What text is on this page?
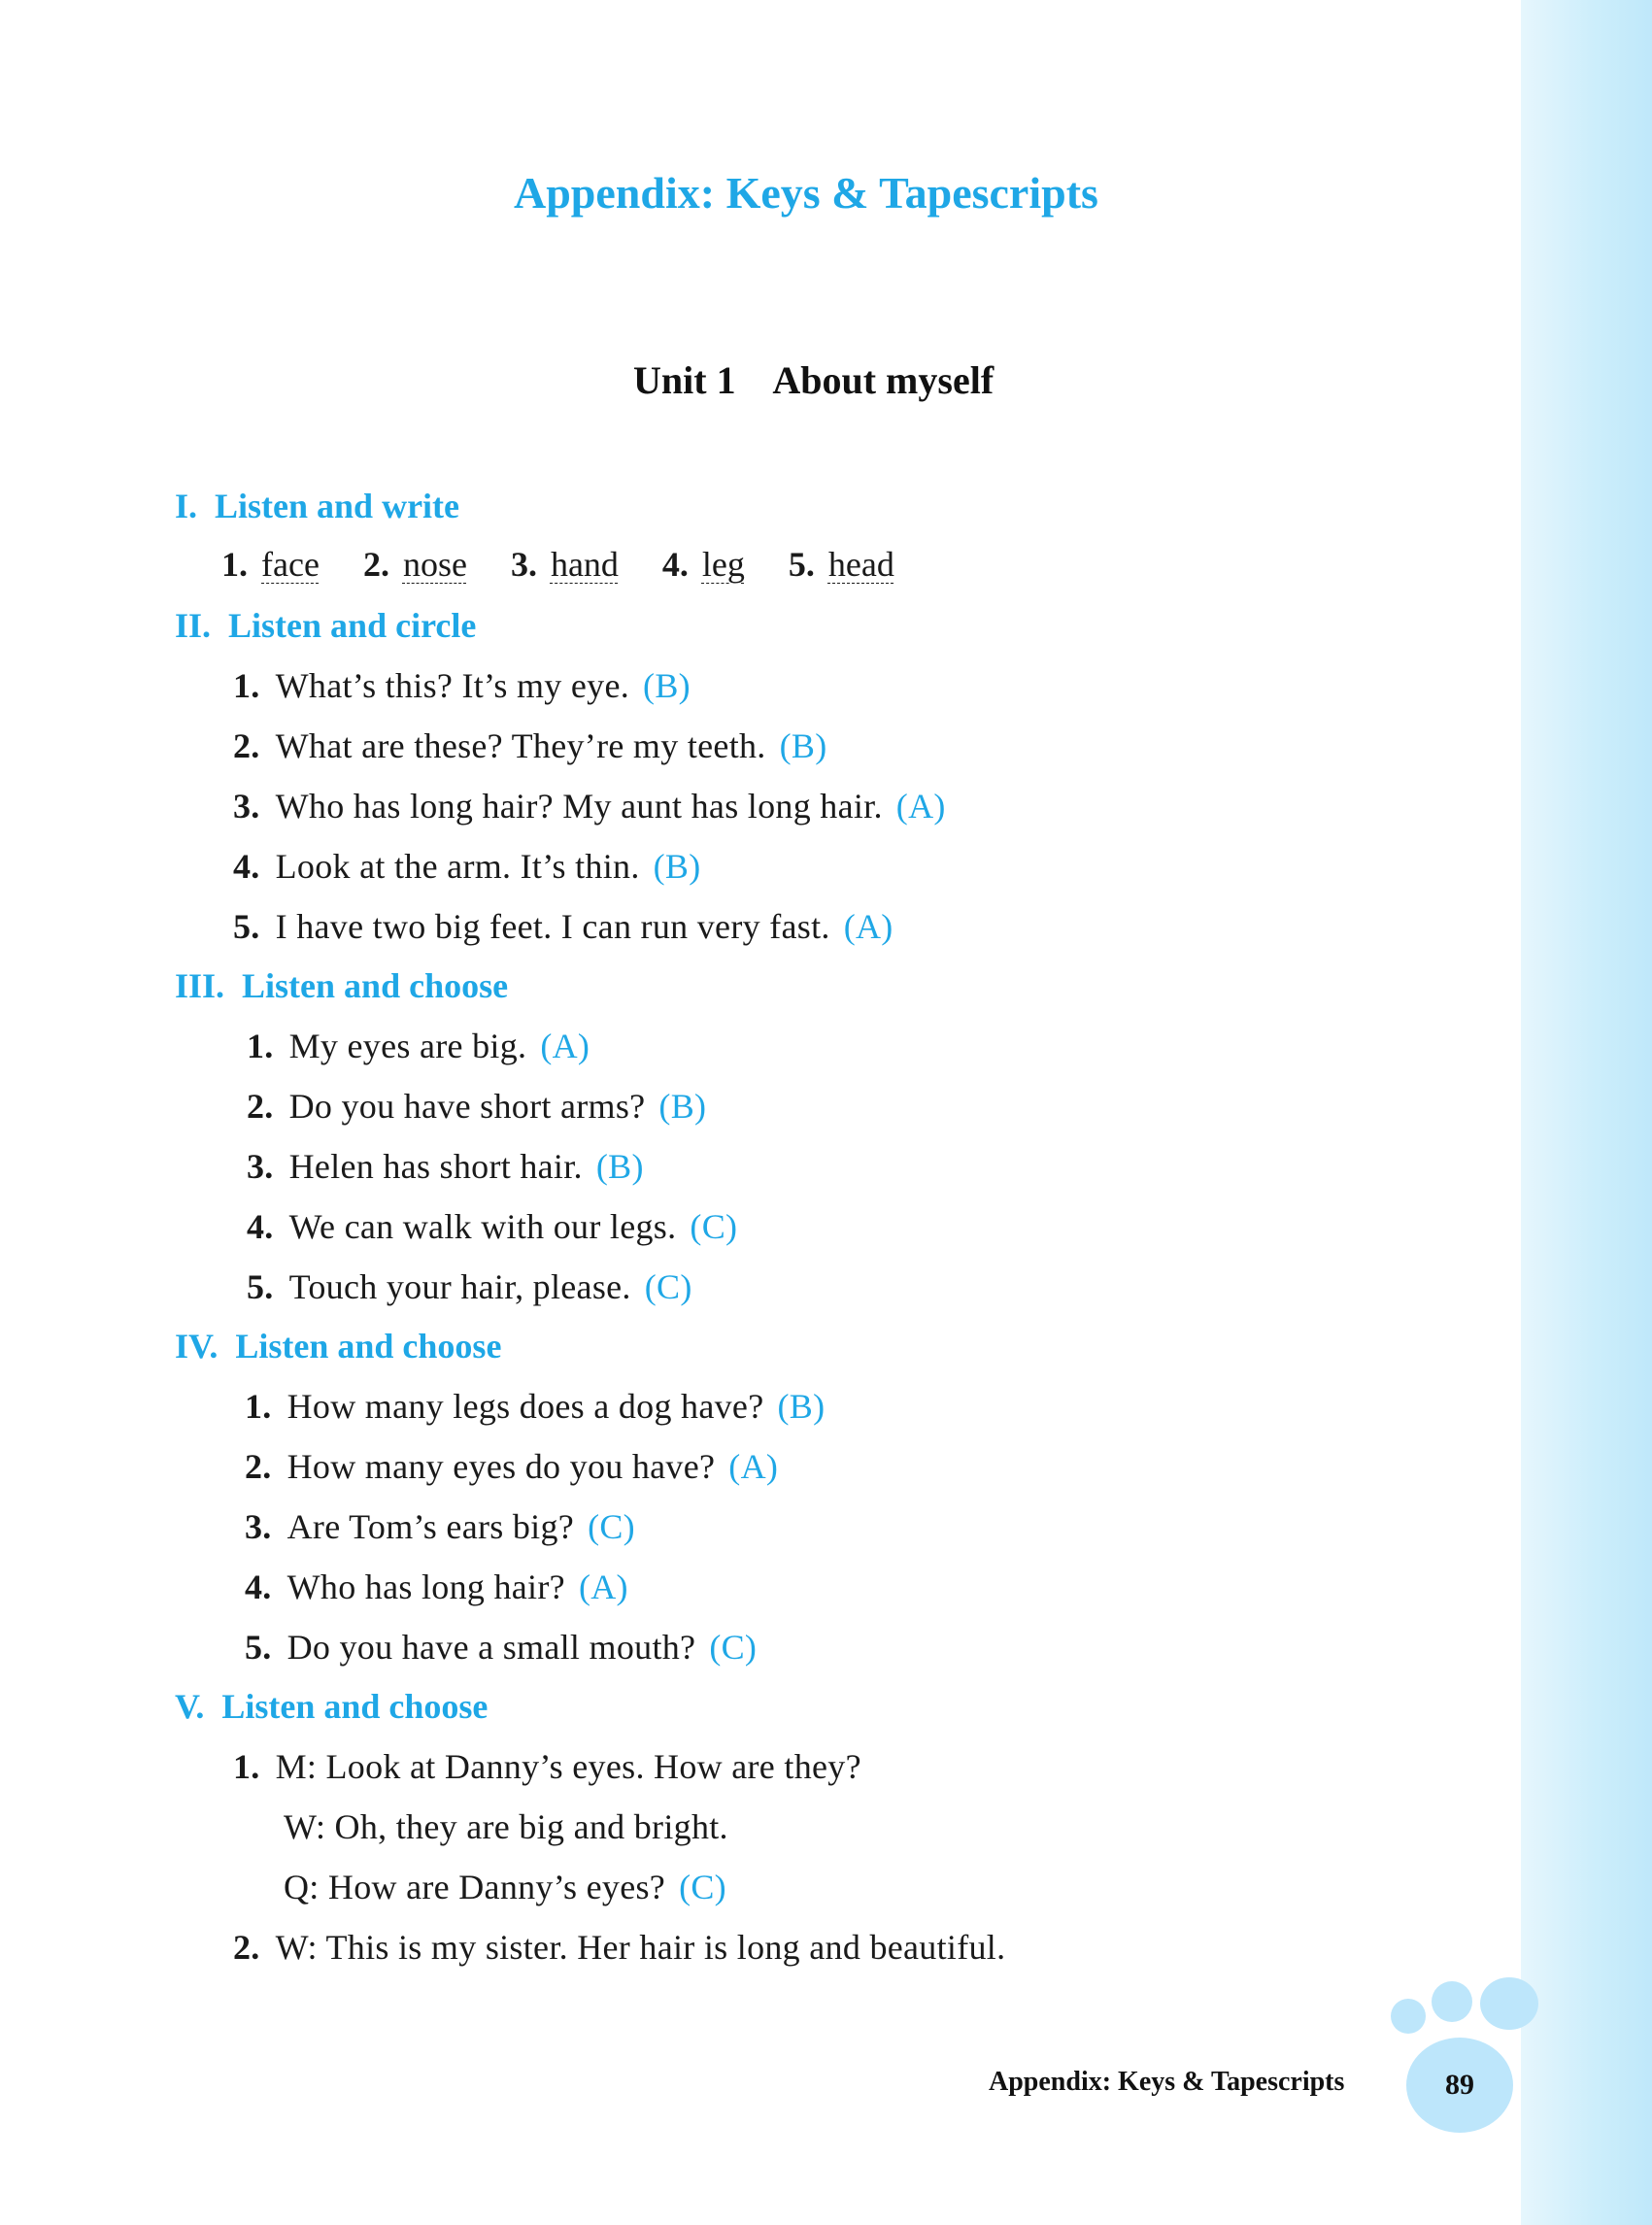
Appendix: Keys & Tapescripts
Unit 1    About myself
I. Listen and write
1. face 2. nose 3. hand 4. leg 5. head
II. Listen and circle
1. What’s this? It’s my eye. (B)
2. What are these? They’re my teeth. (B)
3. Who has long hair? My aunt has long hair. (A)
4. Look at the arm. It’s thin. (B)
5. I have two big feet. I can run very fast. (A)
III. Listen and choose
1. My eyes are big. (A)
2. Do you have short arms? (B)
3. Helen has short hair. (B)
4. We can walk with our legs. (C)
5. Touch your hair, please. (C)
IV. Listen and choose
1. How many legs does a dog have? (B)
2. How many eyes do you have? (A)
3. Are Tom’s ears big? (C)
4. Who has long hair? (A)
5. Do you have a small mouth? (C)
V. Listen and choose
1. M: Look at Danny’s eyes. How are they?
W: Oh, they are big and bright.
Q: How are Danny’s eyes? (C)
2. W: This is my sister. Her hair is long and beautiful.
89
Appendix: Keys & Tapescripts
